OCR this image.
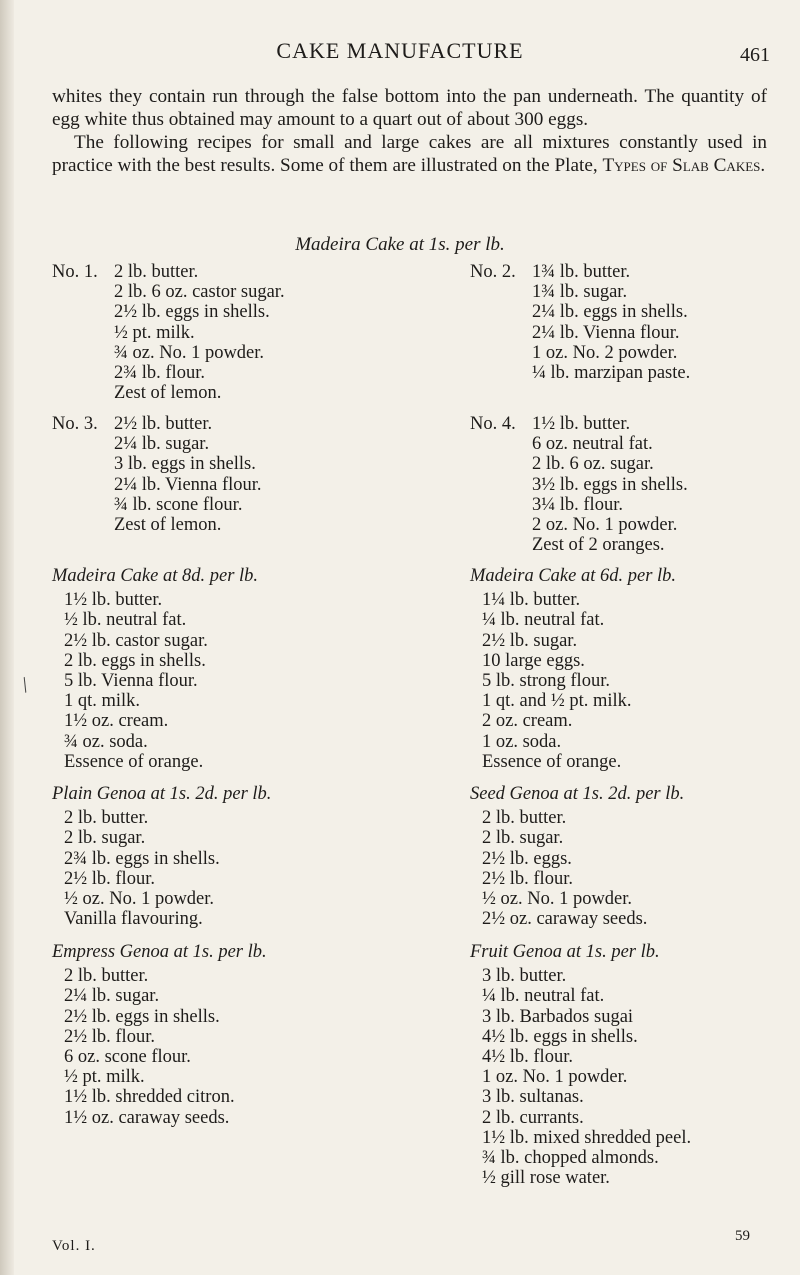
CAKE MANUFACTURE	461

whites they contain run through the false bottom into the pan underneath. The quantity of egg white thus obtained may amount to a quart out of about 300 eggs.

The following recipes for small and large cakes are all mixtures constantly used in practice with the best results. Some of them are illustrated on the Plate, Types of Slab Cakes.

Madeira Cake at 1s. per lb.
No. 1. 2 lb. butter.
2 lb. 6 oz. castor sugar.
2½ lb. eggs in shells.
½ pt. milk.
¾ oz. No. 1 powder.
2¾ lb. flour.
Zest of lemon.
No. 2. 1¾ lb. butter.
1¾ lb. sugar.
2¼ lb. eggs in shells.
2¼ lb. Vienna flour.
1 oz. No. 2 powder.
¼ lb. marzipan paste.
No. 3. 2½ lb. butter.
2¼ lb. sugar.
3 lb. eggs in shells.
2¼ lb. Vienna flour.
¾ lb. scone flour.
Zest of lemon.
No. 4. 1½ lb. butter.
6 oz. neutral fat.
2 lb. 6 oz. sugar.
3½ lb. eggs in shells.
3¼ lb. flour.
2 oz. No. 1 powder.
Zest of 2 oranges.
Madeira Cake at 8d. per lb.
1½ lb. butter.
½ lb. neutral fat.
2½ lb. castor sugar.
2 lb. eggs in shells.
5 lb. Vienna flour.
1 qt. milk.
1½ oz. cream.
¾ oz. soda.
Essence of orange.
Madeira Cake at 6d. per lb.
1¼ lb. butter.
¼ lb. neutral fat.
2½ lb. sugar.
10 large eggs.
5 lb. strong flour.
1 qt. and ½ pt. milk.
2 oz. cream.
1 oz. soda.
Essence of orange.
Plain Genoa at 1s. 2d. per lb.
2 lb. butter.
2 lb. sugar.
2¾ lb. eggs in shells.
2½ lb. flour.
½ oz. No. 1 powder.
Vanilla flavouring.
Seed Genoa at 1s. 2d. per lb.
2 lb. butter.
2 lb. sugar.
2½ lb. eggs.
2½ lb. flour.
½ oz. No. 1 powder.
2½ oz. caraway seeds.
Empress Genoa at 1s. per lb.
2 lb. butter.
2¼ lb. sugar.
2½ lb. eggs in shells.
2½ lb. flour.
6 oz. scone flour.
½ pt. milk.
1½ lb. shredded citron.
1½ oz. caraway seeds.
Fruit Genoa at 1s. per lb.
3 lb. butter.
¼ lb. neutral fat.
3 lb. Barbados sugai
4½ lb. eggs in shells.
4½ lb. flour.
1 oz. No. 1 powder.
3 lb. sultanas.
2 lb. currants.
1½ lb. mixed shredded peel.
¾ lb. chopped almonds.
½ gill rose water.
/
Vol. I.
59
